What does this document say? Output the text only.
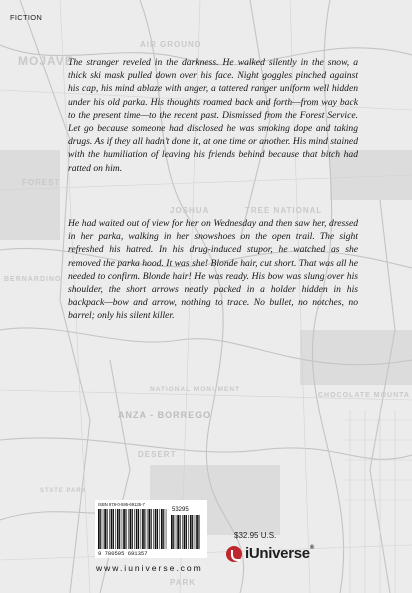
AIR GROUND
MOJAVE
FOREST
JOSHUA	TREE NATIONAL
BERNARDINO
NATIONAL MONUMENT
CHOCOLATE MOUNTA
ANZA - BORREGO
DESERT
STATE PARK
PARK
FICTION

The stranger reveled in the darkness. He walked silently in the snow, a thick ski mask pulled down over his face. Night goggles pinched against his cap, his mind ablaze with anger, a tattered ranger uniform well hidden under his old parka. His thoughts roamed back and forth—from way back to the present time—to the recent past. Dismissed from the Forest Service. Let go because someone had disclosed he was smoking dope and taking drugs. As if they all hadn’t done it, at one time or another. His mind stained with the humiliation of leaving his friends behind because that bitch had ratted on him.

He had waited out of view for her on Wednesday and then saw her, dressed in her parka, walking in her snowshoes on the open trail. The sight refreshed his hatred. In his drug-induced stupor, he watched as she removed the parka hood. It was she! Blonde hair, cut short. That was all he needed to confirm. Blonde hair! He was ready. His bow was slung over his shoulder, the short arrows neatly packed in a holder hidden in his backpack—bow and arrow, nothing to trace. No bullet, no notches, no barrel; only his silent killer.

ISBN 978-0-595-69135-7
53295
9 780595 691357
$32.95 U.S.
iUniverse®
www.iuniverse.com
